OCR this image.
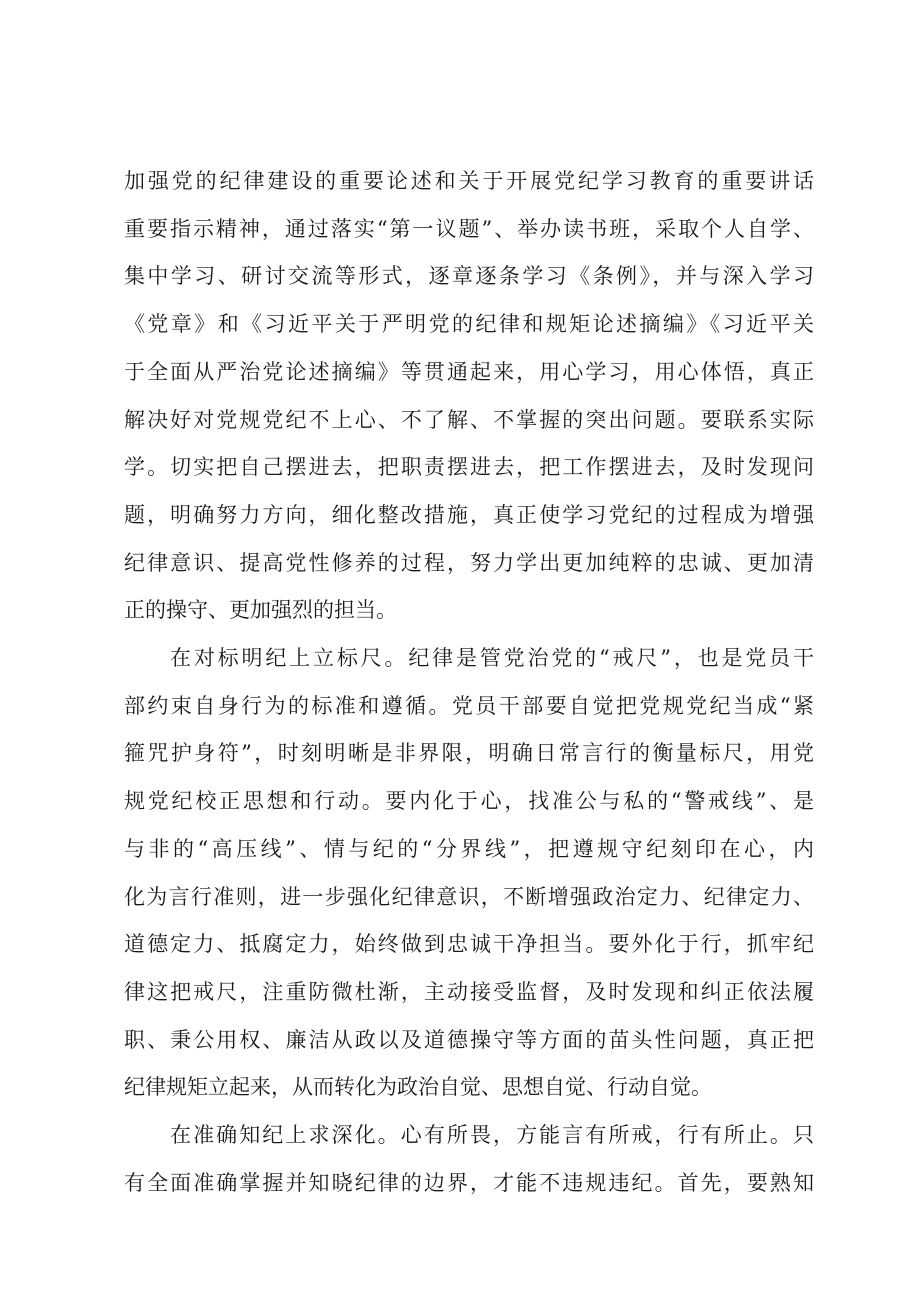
加强党的纪律建设的重要论述和关于开展党纪学习教育的重要讲话
重要指示精神，通过落实“第一议题”、举办读书班，采取个人自学、
集中学习、研讨交流等形式，逐章逐条学习《条例》，并与深入学习
《党章》和《习近平关于严明党的纪律和规矩论述摘编》《习近平关
于全面从严治党论述摘编》等贯通起来，用心学习，用心体悟，真正
解决好对党规党纪不上心、不了解、不掌握的突出问题。要联系实际
学。切实把自己摆进去，把职责摆进去，把工作摆进去，及时发现问
题，明确努力方向，细化整改措施，真正使学习党纪的过程成为增强
纪律意识、提高党性修养的过程，努力学出更加纯粹的忠诚、更加清
正的操守、更加强烈的担当。

在对标明纪上立标尺。纪律是管党治党的“戒尺”，也是党员干
部约束自身行为的标准和遵循。党员干部要自觉把党规党纪当成“紧
箍咒护身符”，时刻明晰是非界限，明确日常言行的衡量标尺，用党
规党纪校正思想和行动。要内化于心，找准公与私的“警戒线”、是
与非的“高压线”、情与纪的“分界线”，把遵规守纪刻印在心，内
化为言行准则，进一步强化纪律意识，不断增强政治定力、纪律定力、
道德定力、抵腐定力，始终做到忠诚干净担当。要外化于行，抓牢纪
律这把戒尺，注重防微杜渐，主动接受监督，及时发现和纠正依法履
职、秉公用权、廉洁从政以及道德操守等方面的苗头性问题，真正把
纪律规矩立起来，从而转化为政治自觉、思想自觉、行动自觉。

在准确知纪上求深化。心有所畏，方能言有所戒，行有所止。只
有全面准确掌握并知晓纪律的边界，才能不违规违纪。首先，要熟知
